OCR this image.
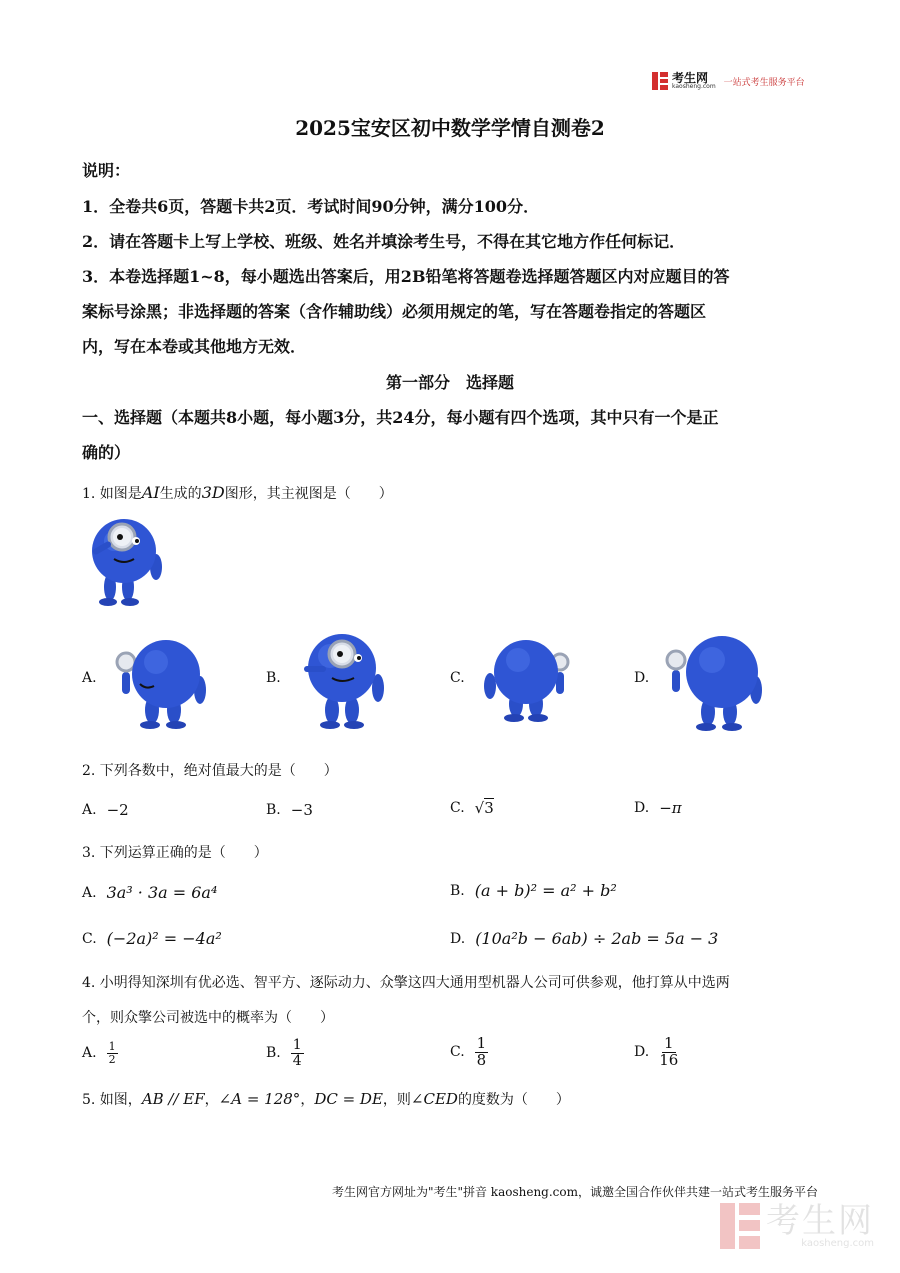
考生网
kaosheng.com 一站式考生服务平台
2025宝安区初中数学学情自测卷2
说明：
1．全卷共6页，答题卡共2页．考试时间90分钟，满分100分．
2．请在答题卡上写上学校、班级、姓名并填涂考生号，不得在其它地方作任何标记．
3．本卷选择题1~8，每小题选出答案后，用2B铅笔将答题卷选择题答题区内对应题目的答
案标号涂黑；非选择题的答案（含作辅助线）必须用规定的笔，写在答题卷指定的答题区
内，写在本卷或其他地方无效．
第一部分　选择题
一、选择题（本题共8小题，每小题3分，共24分，每小题有四个选项，其中只有一个是正
确的）
1. 如图是AI生成的3D图形，其主视图是（　　）
A.	B.	C.	D.
2. 下列各数中，绝对值最大的是（　　）
A. −2	B. −3	C. √3	D. −π
3. 下列运算正确的是（　　）
A. 3a³ · 3a = 6a⁴	B. (a + b)² = a² + b²
C. (−2a)² = −4a²	D. (10a²b − 6ab) ÷ 2ab = 5a − 3
4. 小明得知深圳有优必选、智平方、逐际动力、众擎这四大通用型机器人公司可供参观，他打算从中选两
个，则众擎公司被选中的概率为（　　）
A. $\frac{1}{2}$	B. $\frac{1}{4}$	C. $\frac{1}{8}$	D. $\frac{1}{16}$
5. 如图，AB // EF，∠A = 128°，DC = DE，则∠CED的度数为（　　）
考生网官方网址为"考生"拼音 kaosheng.com，诚邀全国合作伙伴共建一站式考生服务平台
考生网
kaosheng.com
